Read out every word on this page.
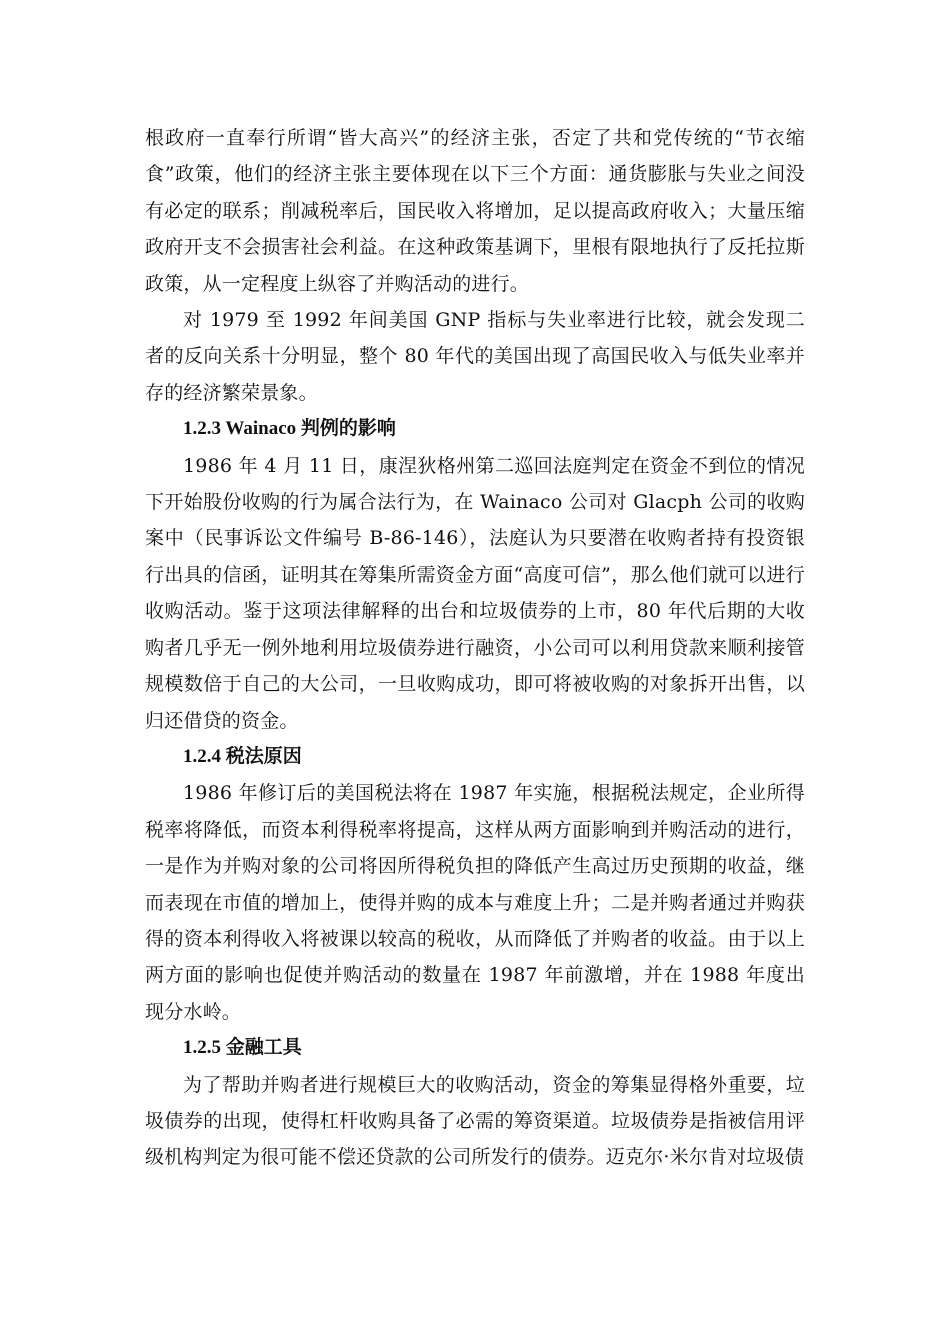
根政府一直奉行所谓“皆大高兴”的经济主张，否定了共和党传统的“节衣缩食”政策，他们的经济主张主要体现在以下三个方面：通货膨胀与失业之间没有必定的联系；削减税率后，国民收入将增加，足以提高政府收入；大量压缩政府开支不会损害社会利益。在这种政策基调下，里根有限地执行了反托拉斯政策，从一定程度上纵容了并购活动的进行。

对 1979 至 1992 年间美国 GNP 指标与失业率进行比较，就会发现二者的反向关系十分明显，整个 80 年代的美国出现了高国民收入与低失业率并存的经济繁荣景象。

1.2.3 Wainaco 判例的影响

1986 年 4 月 11 日，康涅狄格州第二巡回法庭判定在资金不到位的情况下开始股份收购的行为属合法行为，在 Wainaco 公司对 Glacph 公司的收购案中（民事诉讼文件编号 B-86-146），法庭认为只要潜在收购者持有投资银行出具的信函，证明其在筹集所需资金方面“高度可信”，那么他们就可以进行收购活动。鉴于这项法律解释的出台和垃圾债券的上市，80 年代后期的大收购者几乎无一例外地利用垃圾债券进行融资，小公司可以利用贷款来顺利接管规模数倍于自己的大公司，一旦收购成功，即可将被收购的对象拆开出售，以归还借贷的资金。

1.2.4 税法原因

1986 年修订后的美国税法将在 1987 年实施，根据税法规定，企业所得税率将降低，而资本利得税率将提高，这样从两方面影响到并购活动的进行，一是作为并购对象的公司将因所得税负担的降低产生高过历史预期的收益，继而表现在市值的增加上，使得并购的成本与难度上升；二是并购者通过并购获得的资本利得收入将被课以较高的税收，从而降低了并购者的收益。由于以上两方面的影响也促使并购活动的数量在 1987 年前激增，并在 1988 年度出现分水岭。

1.2.5 金融工具

为了帮助并购者进行规模巨大的收购活动，资金的筹集显得格外重要，垃圾债券的出现，使得杠杆收购具备了必需的筹资渠道。垃圾债券是指被信用评级机构判定为很可能不偿还贷款的公司所发行的债券。迈克尔·米尔肯对垃圾债
